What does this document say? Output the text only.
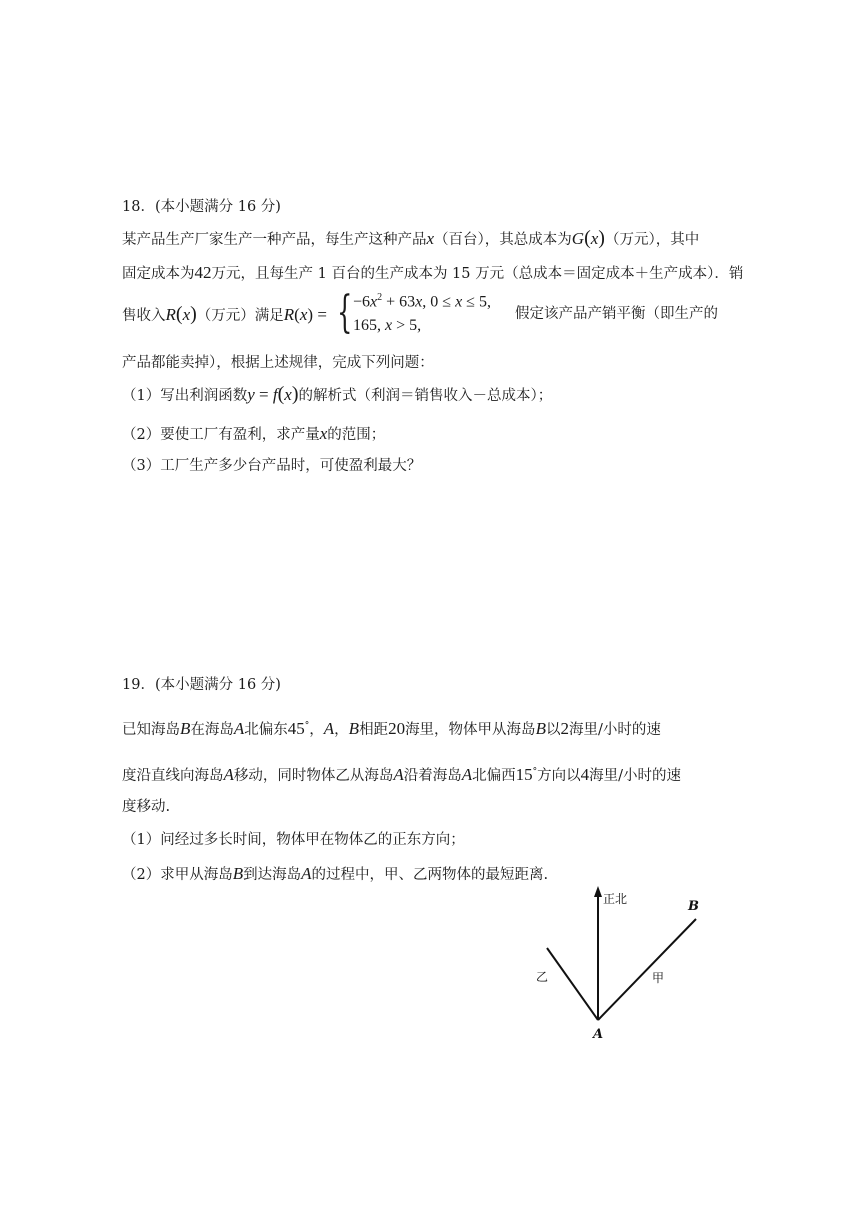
18．(本小题满分 16 分)
某产品生产厂家生产一种产品，每生产这种产品x（百台），其总成本为G(x)（万元），其中
固定成本为42万元，且每生产 1 百台的生产成本为 15 万元（总成本＝固定成本＋生产成本）．销
售收入R(x)（万元）满足R(x) = { $-6x^2 + 63x$, 0 ≤ x ≤ 5,
165, x > 5,
假定该产品产销平衡（即生产的
产品都能卖掉），根据上述规律，完成下列问题：
（1）写出利润函数y = f(x)的解析式（利润＝销售收入－总成本）；
（2）要使工厂有盈利，求产量x的范围；
（3）工厂生产多少台产品时，可使盈利最大？
19．(本小题满分 16 分)
已知海岛B在海岛A北偏东45°，A，B相距20海里，物体甲从海岛B以2海里/小时的速
度沿直线向海岛A移动，同时物体乙从海岛A沿着海岛A北偏西15°方向以4海里/小时的速
度移动.
（1）问经过多长时间，物体甲在物体乙的正东方向；
（2）求甲从海岛B到达海岛A的过程中，甲、乙两物体的最短距离.
正北	B
甲
乙
A
